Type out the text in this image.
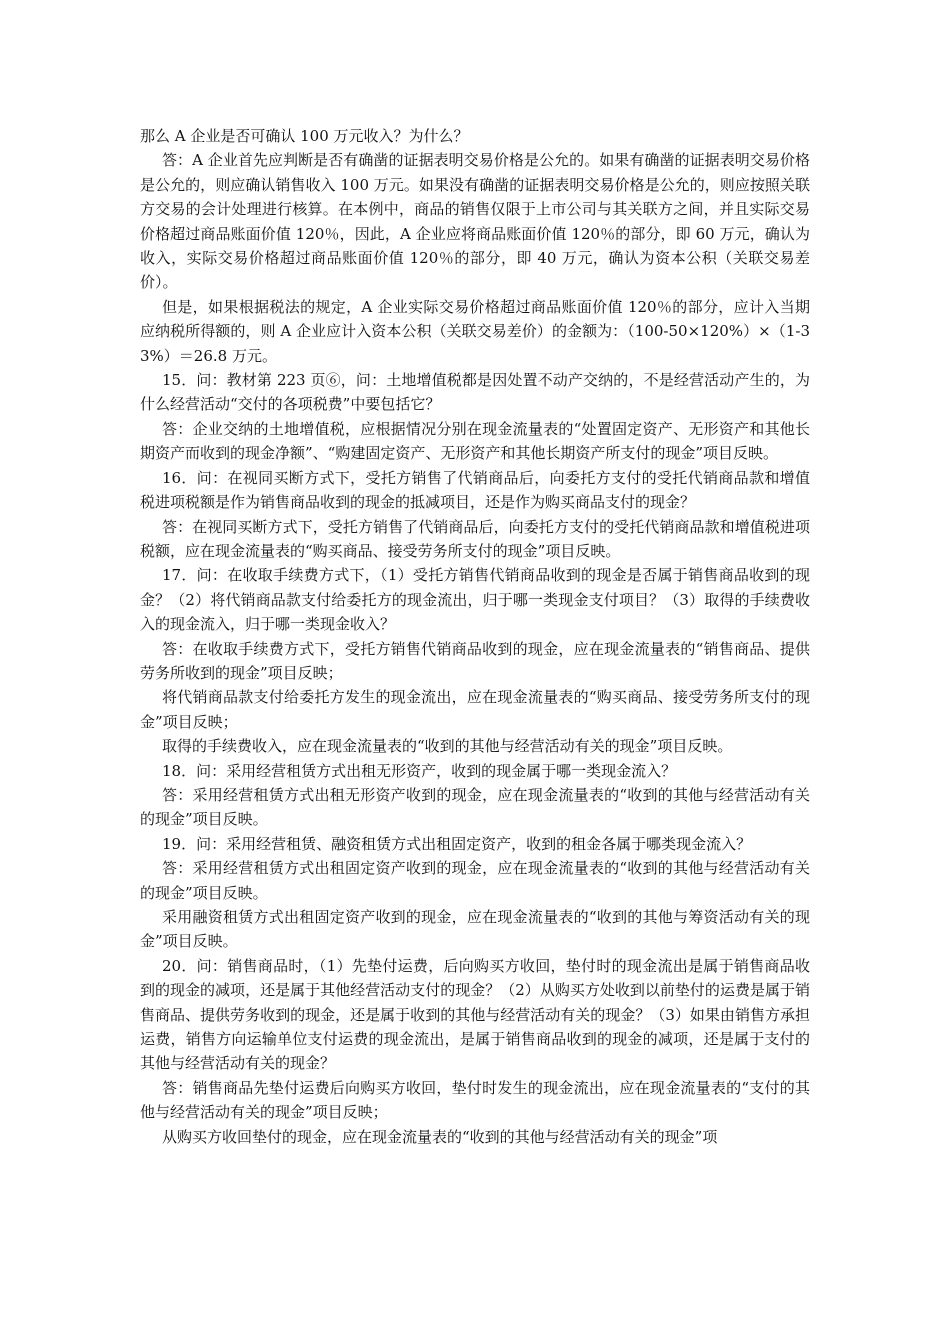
那么 A 企业是否可确认 100 万元收入？为什么？

答：A 企业首先应判断是否有确凿的证据表明交易价格是公允的。如果有确凿的证据表明交易价格是公允的，则应确认销售收入 100 万元。如果没有确凿的证据表明交易价格是公允的，则应按照关联方交易的会计处理进行核算。在本例中，商品的销售仅限于上市公司与其关联方之间，并且实际交易价格超过商品账面价值 120％，因此，A 企业应将商品账面价值 120％的部分，即 60 万元，确认为收入，实际交易价格超过商品账面价值 120％的部分，即 40 万元，确认为资本公积（关联交易差价）。

但是，如果根据税法的规定，A 企业实际交易价格超过商品账面价值 120％的部分，应计入当期应纳税所得额的，则 A 企业应计入资本公积（关联交易差价）的金额为：（100-50×120%）×（1-33%）＝26.8 万元。

15．问：教材第 223 页⑥，问：土地增值税都是因处置不动产交纳的，不是经营活动产生的，为什么经营活动“交付的各项税费”中要包括它？

答：企业交纳的土地增值税，应根据情况分别在现金流量表的“处置固定资产、无形资产和其他长期资产而收到的现金净额”、“购建固定资产、无形资产和其他长期资产所支付的现金”项目反映。

16．问：在视同买断方式下，受托方销售了代销商品后，向委托方支付的受托代销商品款和增值税进项税额是作为销售商品收到的现金的抵减项目，还是作为购买商品支付的现金？

答：在视同买断方式下，受托方销售了代销商品后，向委托方支付的受托代销商品款和增值税进项税额，应在现金流量表的“购买商品、接受劳务所支付的现金”项目反映。

17．问：在收取手续费方式下，（1）受托方销售代销商品收到的现金是否属于销售商品收到的现金？（2）将代销商品款支付给委托方的现金流出，归于哪一类现金支付项目？（3）取得的手续费收入的现金流入，归于哪一类现金收入？

答：在收取手续费方式下，受托方销售代销商品收到的现金，应在现金流量表的“销售商品、提供劳务所收到的现金”项目反映；

将代销商品款支付给委托方发生的现金流出，应在现金流量表的“购买商品、接受劳务所支付的现金”项目反映；

取得的手续费收入，应在现金流量表的“收到的其他与经营活动有关的现金”项目反映。

18．问：采用经营租赁方式出租无形资产，收到的现金属于哪一类现金流入？

答：采用经营租赁方式出租无形资产收到的现金，应在现金流量表的“收到的其他与经营活动有关的现金”项目反映。

19．问：采用经营租赁、融资租赁方式出租固定资产，收到的租金各属于哪类现金流入？

答：采用经营租赁方式出租固定资产收到的现金，应在现金流量表的“收到的其他与经营活动有关的现金”项目反映。

采用融资租赁方式出租固定资产收到的现金，应在现金流量表的“收到的其他与筹资活动有关的现金”项目反映。

20．问：销售商品时，（1）先垫付运费，后向购买方收回，垫付时的现金流出是属于销售商品收到的现金的减项，还是属于其他经营活动支付的现金？（2）从购买方处收到以前垫付的运费是属于销售商品、提供劳务收到的现金，还是属于收到的其他与经营活动有关的现金？（3）如果由销售方承担运费，销售方向运输单位支付运费的现金流出，是属于销售商品收到的现金的减项，还是属于支付的其他与经营活动有关的现金？

答：销售商品先垫付运费后向购买方收回，垫付时发生的现金流出，应在现金流量表的“支付的其他与经营活动有关的现金”项目反映；

从购买方收回垫付的现金，应在现金流量表的“收到的其他与经营活动有关的现金”项
